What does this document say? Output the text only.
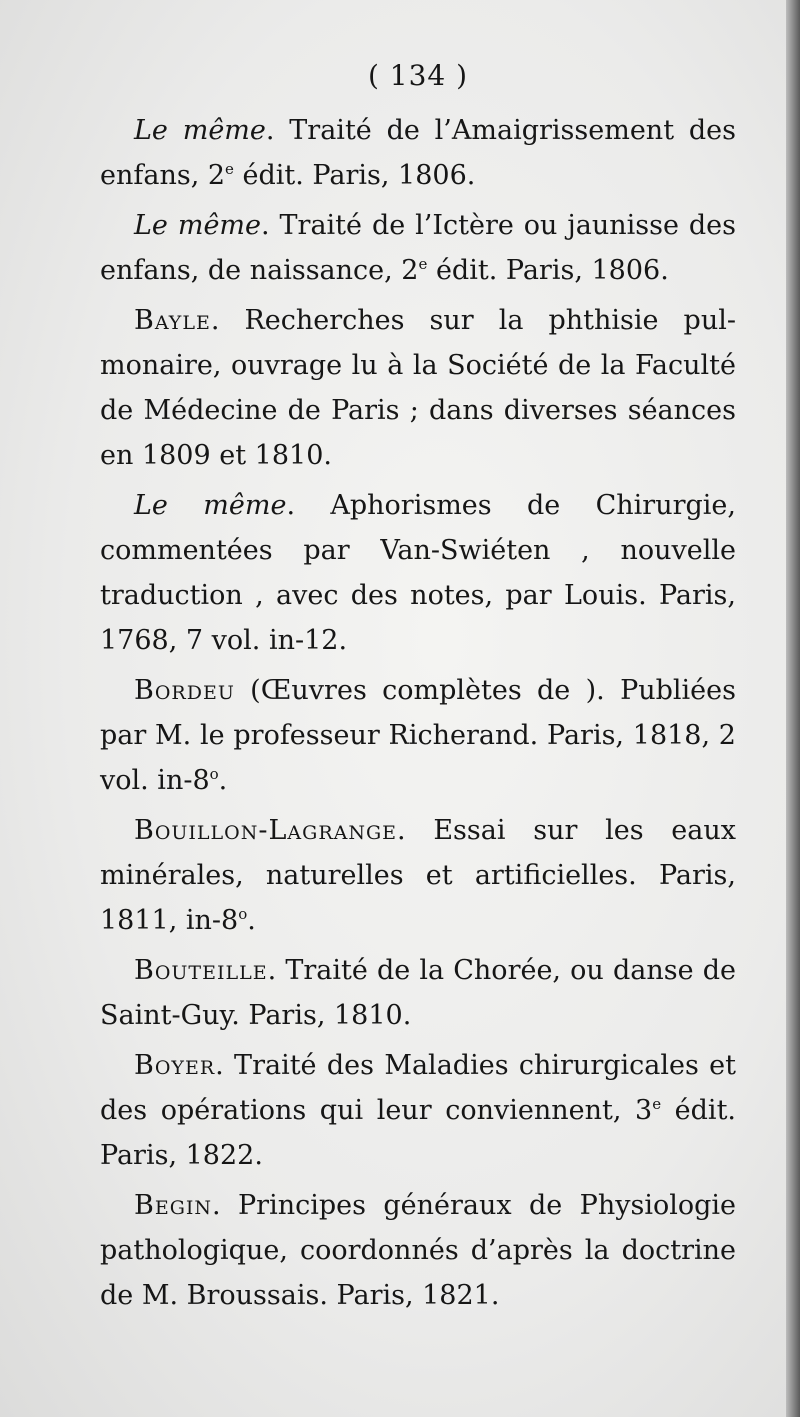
( 134 )

Le même. Traité de l’Amaigrissement des enfans, 2e édit. Paris, 1806.

Le même. Traité de l’Ictère ou jaunisse des enfans, de naissance, 2e édit. Paris, 1806.

Bayle. Recherches sur la phthisie pulmonaire, ouvrage lu à la Société de la Faculté de Médecine de Paris ; dans diverses séances en 1809 et 1810.

Le même. Aphorismes de Chirurgie, commentées par Van-Swiéten , nouvelle traduction , avec des notes, par Louis. Paris, 1768, 7 vol. in-12.

Bordeu (Œuvres complètes de ). Publiées par M. le professeur Richerand. Paris, 1818, 2 vol. in-8$^o$.

Bouillon-Lagrange. Essai sur les eaux minérales, naturelles et artificielles. Paris, 1811, in-8$^o$.

Bouteille. Traité de la Chorée, ou danse de Saint-Guy. Paris, 1810.

Boyer. Traité des Maladies chirurgicales et des opérations qui leur conviennent, 3e édit. Paris, 1822.

Begin. Principes généraux de Physiologie pathologique, coordonnés d’après la doctrine de M. Broussais. Paris, 1821.
